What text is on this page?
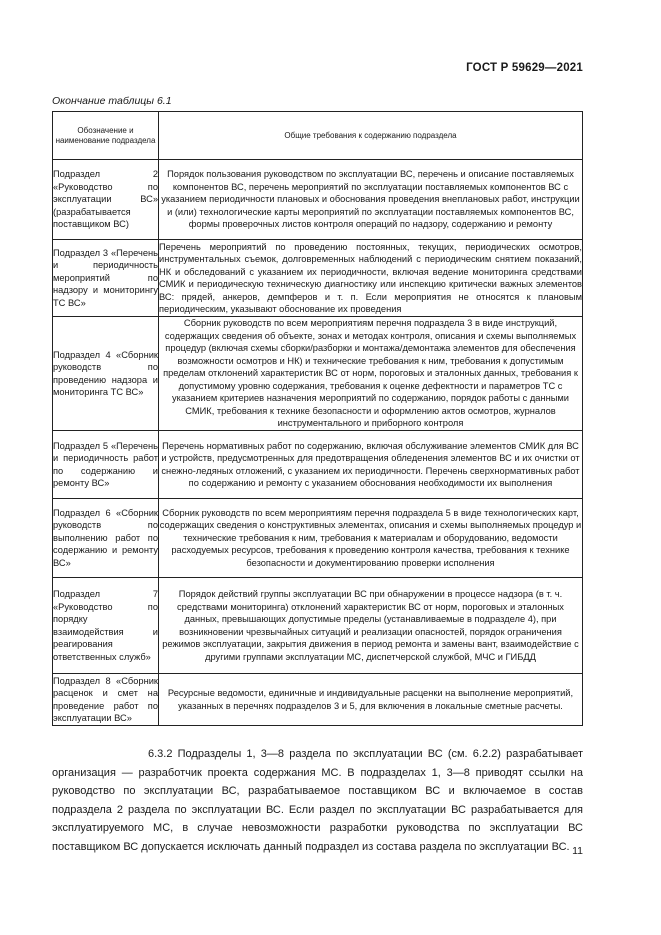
ГОСТ Р 59629—2021
Окончание таблицы 6.1
Обозначение и наименование подраздела	Общие требования к содержанию подраздела
Подраздел 2 «Руководство по эксплуатации ВС» (разрабатывается поставщиком ВС)	Порядок пользования руководством по эксплуатации ВС, перечень и описание поставляемых компонентов ВС, перечень мероприятий по эксплуатации поставляемых компонентов ВС с указанием периодичности плановых и обоснования проведения внеплановых работ, инструкции и (или) технологические карты мероприятий по эксплуатации поставляемых компонентов ВС, формы проверочных листов контроля операций по надзору, содержанию и ремонту
Подраздел 3 «Перечень и периодичность мероприятий по надзору и мониторингу ТС ВС»	Перечень мероприятий по проведению постоянных, текущих, периодических осмотров, инструментальных съемок, долговременных наблюдений с периодическим снятием показаний, НК и обследований с указанием их периодичности, включая ведение мониторинга средствами СМИК и периодическую техническую диагностику или инспекцию критически важных элементов ВС: прядей, анкеров, демпферов и т. п. Если мероприятия не относятся к плановым периодическим, указывают обоснование их проведения
Подраздел 4 «Сборник руководств по проведению надзора и мониторинга ТС ВС»	Сборник руководств по всем мероприятиям перечня подраздела 3 в виде инструкций, содержащих сведения об объекте, зонах и методах контроля, описания и схемы выполняемых процедур (включая схемы сборки/разборки и монтажа/демонтажа элементов для обеспечения возможности осмотров и НК) и технические требования к ним, требования к допустимым пределам отклонений характеристик ВС от норм, пороговых и эталонных данных, требования к допустимому уровню содержания, требования к оценке дефектности и параметров ТС с указанием критериев назначения мероприятий по содержанию, порядок работы с данными СМИК, требования к технике безопасности и оформлению актов осмотров, журналов инструментального и приборного контроля
Подраздел 5 «Перечень и периодичность работ по содержанию и ремонту ВС»	Перечень нормативных работ по содержанию, включая обслуживание элементов СМИК для ВС и устройств, предусмотренных для предотвращения обледенения элементов ВС и их очистки от снежно-ледяных отложений, с указанием их периодичности. Перечень сверхнормативных работ по содержанию и ремонту с указанием обоснования необходимости их выполнения
Подраздел 6 «Сборник руководств по выполнению работ по содержанию и ремонту ВС»	Сборник руководств по всем мероприятиям перечня подраздела 5 в виде технологических карт, содержащих сведения о конструктивных элементах, описания и схемы выполняемых процедур и технические требования к ним, требования к материалам и оборудованию, ведомости расходуемых ресурсов, требования к проведению контроля качества, требования к технике безопасности и документированию проверки исполнения
Подраздел 7 «Руководство по порядку взаимодействия и реагирования ответственных служб»	Порядок действий группы эксплуатации ВС при обнаружении в процессе надзора (в т. ч. средствами мониторинга) отклонений характеристик ВС от норм, пороговых и эталонных данных, превышающих допустимые пределы (устанавливаемые в подразделе 4), при возникновении чрезвычайных ситуаций и реализации опасностей, порядок ограничения режимов эксплуатации, закрытия движения в период ремонта и замены вант, взаимодействие с другими группами эксплуатации МС, диспетчерской службой, МЧС и ГИБДД
Подраздел 8 «Сборник расценок и смет на проведение работ по эксплуатации ВС»	Ресурсные ведомости, единичные и индивидуальные расценки на выполнение мероприятий, указанных в перечнях подразделов 3 и 5, для включения в локальные сметные расчеты.
6.3.2 Подразделы 1, 3—8 раздела по эксплуатации ВС (см. 6.2.2) разрабатывает организация — разработчик проекта содержания МС. В подразделах 1, 3—8 приводят ссылки на руководство по эксплуатации ВС, разрабатываемое поставщиком ВС и включаемое в состав подраздела 2 раздела по эксплуатации ВС. Если раздел по эксплуатации ВС разрабатывается для эксплуатируемого МС, в случае невозможности разработки руководства по эксплуатации ВС поставщиком ВС допускается исключать данный подраздел из состава раздела по эксплуатации ВС. 11
